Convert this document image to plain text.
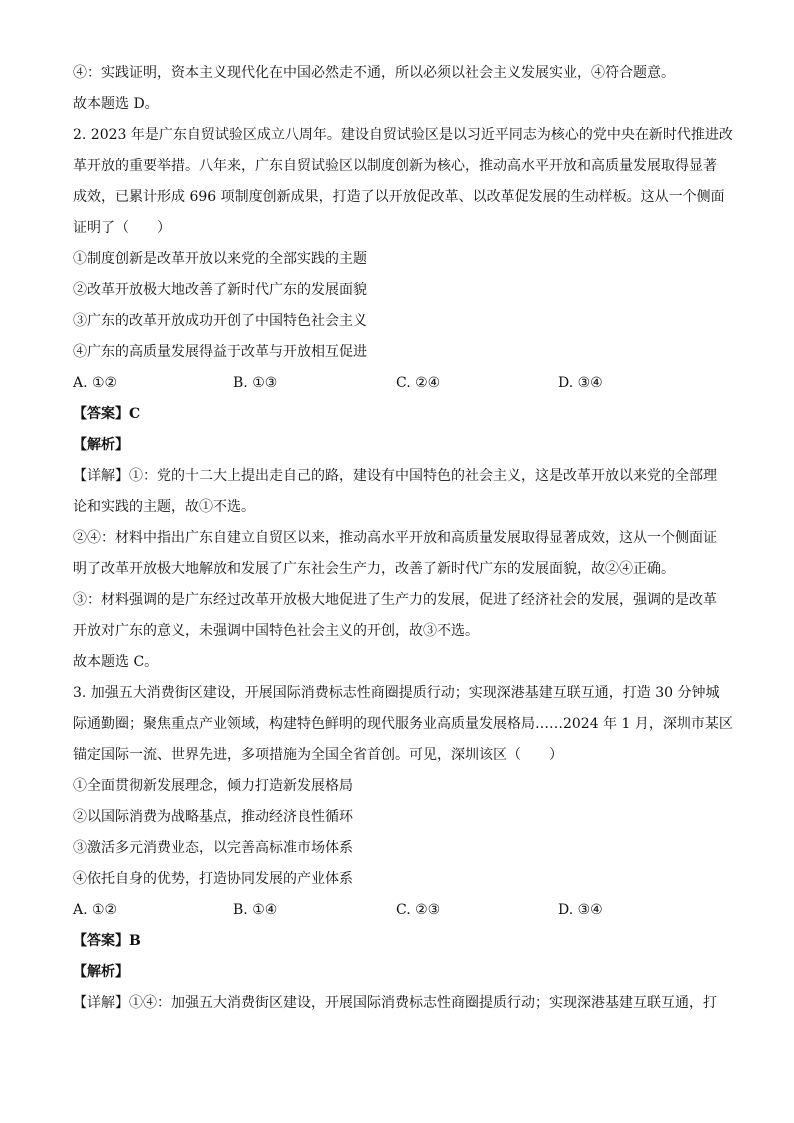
④：实践证明，资本主义现代化在中国必然走不通，所以必须以社会主义发展实业，④符合题意。
故本题选 D。
2. 2023 年是广东自贸试验区成立八周年。建设自贸试验区是以习近平同志为核心的党中央在新时代推进改
革开放的重要举措。八年来，广东自贸试验区以制度创新为核心，推动高水平开放和高质量发展取得显著
成效，已累计形成 696 项制度创新成果，打造了以开放促改革、以改革促发展的生动样板。这从一个侧面
证明了（　　）
①制度创新是改革开放以来党的全部实践的主题
②改革开放极大地改善了新时代广东的发展面貌
③广东的改革开放成功开创了中国特色社会主义
④广东的高质量发展得益于改革与开放相互促进
A. ①②	B. ①③	C. ②④	D. ③④
【答案】C
【解析】
【详解】①：党的十二大上提出走自己的路，建设有中国特色的社会主义，这是改革开放以来党的全部理
论和实践的主题，故①不选。
②④：材料中指出广东自建立自贸区以来，推动高水平开放和高质量发展取得显著成效，这从一个侧面证
明了改革开放极大地解放和发展了广东社会生产力，改善了新时代广东的发展面貌，故②④正确。
③：材料强调的是广东经过改革开放极大地促进了生产力的发展，促进了经济社会的发展，强调的是改革
开放对广东的意义，未强调中国特色社会主义的开创，故③不选。
故本题选 C。
3. 加强五大消费街区建设，开展国际消费标志性商圈提质行动；实现深港基建互联互通，打造 30 分钟城
际通勤圈；聚焦重点产业领域，构建特色鲜明的现代服务业高质量发展格局……2024 年 1 月，深圳市某区
锚定国际一流、世界先进，多项措施为全国全省首创。可见，深圳该区（　　）
①全面贯彻新发展理念，倾力打造新发展格局
②以国际消费为战略基点，推动经济良性循环
③激活多元消费业态，以完善高标准市场体系
④依托自身的优势，打造协同发展的产业体系
A. ①②	B. ①④	C. ②③	D. ③④
【答案】B
【解析】
【详解】①④：加强五大消费街区建设，开展国际消费标志性商圈提质行动；实现深港基建互联互通，打
